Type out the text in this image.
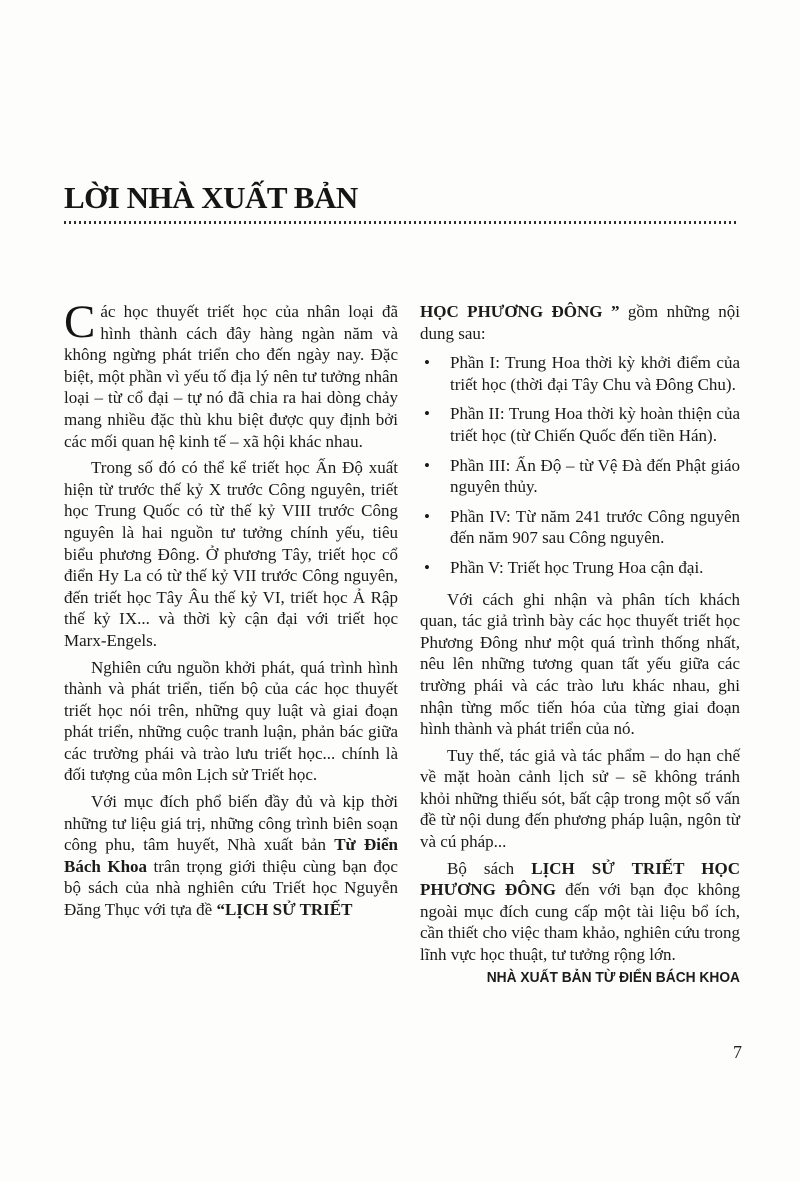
LỜI NHÀ XUẤT BẢN

Các học thuyết triết học của nhân loại đã hình thành cách đây hàng ngàn năm và không ngừng phát triển cho đến ngày nay. Đặc biệt, một phần vì yếu tố địa lý nên tư tưởng nhân loại – từ cổ đại – tự nó đã chia ra hai dòng chảy mang nhiều đặc thù khu biệt được quy định bởi các mối quan hệ kinh tế – xã hội khác nhau.

Trong số đó có thể kể triết học Ấn Độ xuất hiện từ trước thế kỷ X trước Công nguyên, triết học Trung Quốc có từ thế kỷ VIII trước Công nguyên là hai nguồn tư tưởng chính yếu, tiêu biểu phương Đông. Ở phương Tây, triết học cổ điển Hy La có từ thế kỷ VII trước Công nguyên, đến triết học Tây Âu thế kỷ VI, triết học Ả Rập thế kỷ IX... và thời kỳ cận đại với triết học Marx-Engels.

Nghiên cứu nguồn khởi phát, quá trình hình thành và phát triển, tiến bộ của các học thuyết triết học nói trên, những quy luật và giai đoạn phát triển, những cuộc tranh luận, phản bác giữa các trường phái và trào lưu triết học... chính là đối tượng của môn Lịch sử Triết học.

Với mục đích phổ biến đầy đủ và kịp thời những tư liệu giá trị, những công trình biên soạn công phu, tâm huyết, Nhà xuất bản Từ Điển Bách Khoa trân trọng giới thiệu cùng bạn đọc bộ sách của nhà nghiên cứu Triết học Nguyễn Đăng Thục với tựa đề “LỊCH SỬ TRIẾT

HỌC PHƯƠNG ĐÔNG ” gồm những nội dung sau:

•	Phần I: Trung Hoa thời kỳ khởi điểm của triết học (thời đại Tây Chu và Đông Chu).
•	Phần II: Trung Hoa thời kỳ hoàn thiện của triết học (từ Chiến Quốc đến tiền Hán).
•	Phần III: Ấn Độ – từ Vệ Đà đến Phật giáo nguyên thủy.
•	Phần IV: Từ năm 241 trước Công nguyên đến năm 907 sau Công nguyên.
•	Phần V: Triết học Trung Hoa cận đại.

Với cách ghi nhận và phân tích khách quan, tác giả trình bày các học thuyết triết học Phương Đông như một quá trình thống nhất, nêu lên những tương quan tất yếu giữa các trường phái và các trào lưu khác nhau, ghi nhận từng mốc tiến hóa của từng giai đoạn hình thành và phát triển của nó.

Tuy thế, tác giả và tác phẩm – do hạn chế về mặt hoàn cảnh lịch sử – sẽ không tránh khỏi những thiếu sót, bất cập trong một số vấn đề từ nội dung đến phương pháp luận, ngôn từ và cú pháp...

Bộ sách LỊCH SỬ TRIẾT HỌC PHƯƠNG ĐÔNG đến với bạn đọc không ngoài mục đích cung cấp một tài liệu bổ ích, cần thiết cho việc tham khảo, nghiên cứu trong lĩnh vực học thuật, tư tưởng rộng lớn.

NHÀ XUẤT BẢN TỪ ĐIỂN BÁCH KHOA
7
